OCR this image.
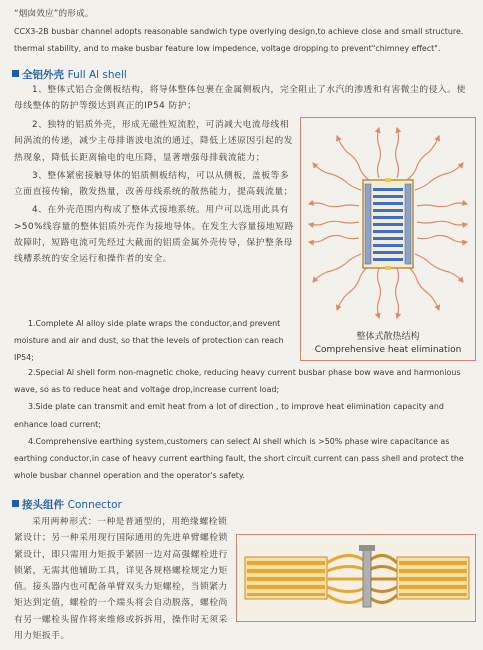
“烟囱效应”的形成。
CCX3-2B busbar channel adopts reasonable sandwich type overlying design,to achieve close and small structure. thermal stability, and to make busbar feature low impedence, voltage dropping to prevent"chimney effect".
全铝外壳 Full Al shell
1、整体式铝合金侧板结构，将导体整体包裹在金属侧板内，完全阻止了水汽的渗透和有害微尘的侵入。使母线整体的防护等级达到真正的IP54 防护；

2、独特的铝质外壳，形成无磁性短流腔，可消减大电流母线相间涡流的传递，减少主母排谐波电流的通过，降低上述原因引起的发热现象，降低长距离输电的电压降，显著增强母排载流能力；

3、整体紧密接触导体的铝质侧板结构，可以从侧板，盖板等多立面直接传输，散发热量，改善母线系统的散热能力，提高载流量；

4、在外壳范围内构成了整体式接地系统。用户可以选用此具有>50%线容量的整体铝质外壳作为接地导体。在发生大容量接地短路故障时，短路电流可先经过大截面的铝质金属外壳传导，保护整条母线槽系统的安全运行和操作者的安全。

1.Complete Al alloy side plate wraps the conductor,and prevent moisture and air and dust, so that the levels of protection can reach IP54;
整体式散热结构
Comprehensive heat elimination

2.Special Al shell form non-magnetic choke, reducing heavy current busbar phase bow wave and harmonious wave, so as to reduce heat and voltage drop,increase current load;

3.Side plate can transmit and emit heat from a lot of direction , to improve heat elimination capacity and enhance load current;

4.Comprehensive earthing system,customers can select Al shell which is >50% phase wire capacitance as earthing conductor,in case of heavy current earthing fault, the short circuit current can pass shell and protect the whole busbar channel operation and the operator's safety.

接头组件 Connector
采用两种形式：一种是普通型的，用绝缘螺栓锁紧设计；另一种采用现行国际通用的先进单臂螺栓锁紧设计，即只需用力矩扳手紧固一边对高强螺栓进行锁紧，无需其他辅助工具，详见各规格螺栓规定力矩值。接头器内也可配备单臂双头力矩螺栓，当锁紧力矩达到定值，螺栓的一个端头将会自动脱落，螺栓尚有另一螺栓头留作将来维修或拆拆用，操作时无须采用力矩扳手。
